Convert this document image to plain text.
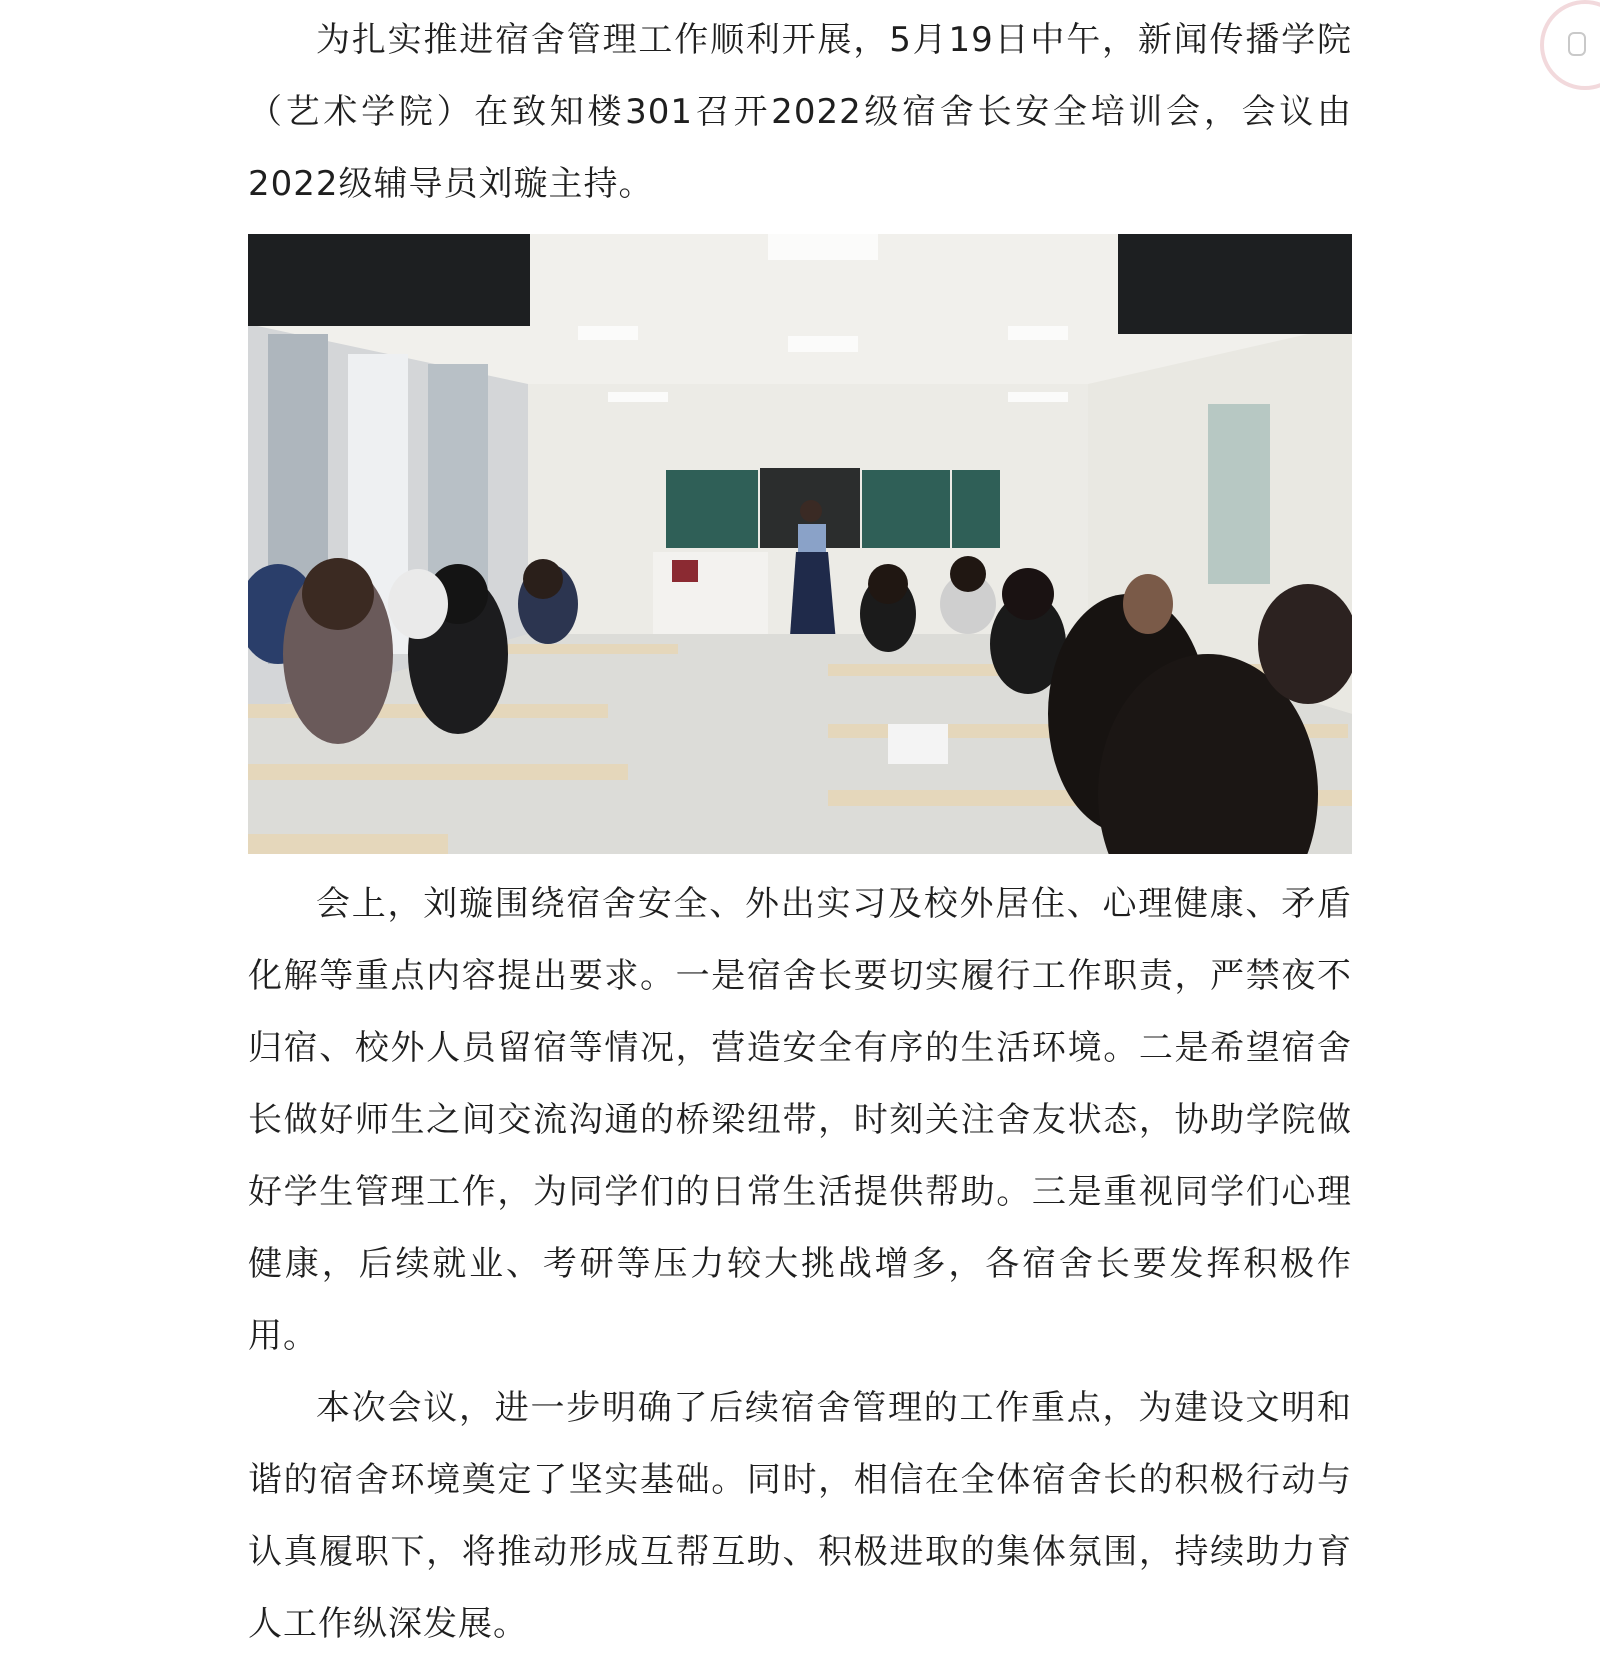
为扎实推进宿舍管理工作顺利开展，5月19日中午，新闻传播学院（艺术学院）在致知楼301召开2022级宿舍长安全培训会，会议由2022级辅导员刘璇主持。

会上，刘璇围绕宿舍安全、外出实习及校外居住、心理健康、矛盾化解等重点内容提出要求。一是宿舍长要切实履行工作职责，严禁夜不归宿、校外人员留宿等情况，营造安全有序的生活环境。二是希望宿舍长做好师生之间交流沟通的桥梁纽带，时刻关注舍友状态，协助学院做好学生管理工作，为同学们的日常生活提供帮助。三是重视同学们心理健康，后续就业、考研等压力较大挑战增多，各宿舍长要发挥积极作用。

本次会议，进一步明确了后续宿舍管理的工作重点，为建设文明和谐的宿舍环境奠定了坚实基础。同时，相信在全体宿舍长的积极行动与认真履职下，将推动形成互帮互助、积极进取的集体氛围，持续助力育人工作纵深发展。
